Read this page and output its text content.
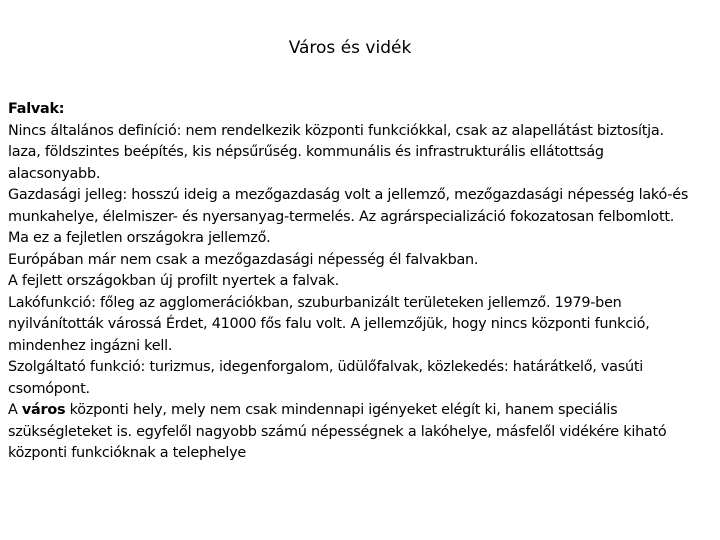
Város és vidék
Falvak:
Nincs általános definíció: nem rendelkezik központi funkciókkal, csak az alapellátást biztosítja.
laza, földszintes beépítés, kis népsűrűség. kommunális és infrastrukturális ellátottság
alacsonyabb.
Gazdasági jelleg: hosszú ideig a mezőgazdaság volt a jellemző, mezőgazdasági népesség lakó-és
munkahelye, élelmiszer- és nyersanyag-termelés. Az agrárspecializáció fokozatosan felbomlott.
Ma ez a fejletlen országokra jellemző.
Európában már nem csak a mezőgazdasági népesség él falvakban.
A fejlett országokban új profilt nyertek a falvak.
Lakófunkció: főleg az agglomerációkban, szuburbanizált területeken jellemző. 1979-ben
nyilvánították várossá Érdet, 41000 fős falu volt. A jellemzőjük, hogy nincs központi funkció,
mindenhez ingázni kell.
Szolgáltató funkció: turizmus, idegenforgalom, üdülőfalvak, közlekedés: határátkelő, vasúti
csomópont.
A város központi hely, mely nem csak mindennapi igényeket elégít ki, hanem speciális
szükségleteket is. egyfelől nagyobb számú népességnek a lakóhelye, másfelől vidékére kiható
központi funkcióknak a telephelye
